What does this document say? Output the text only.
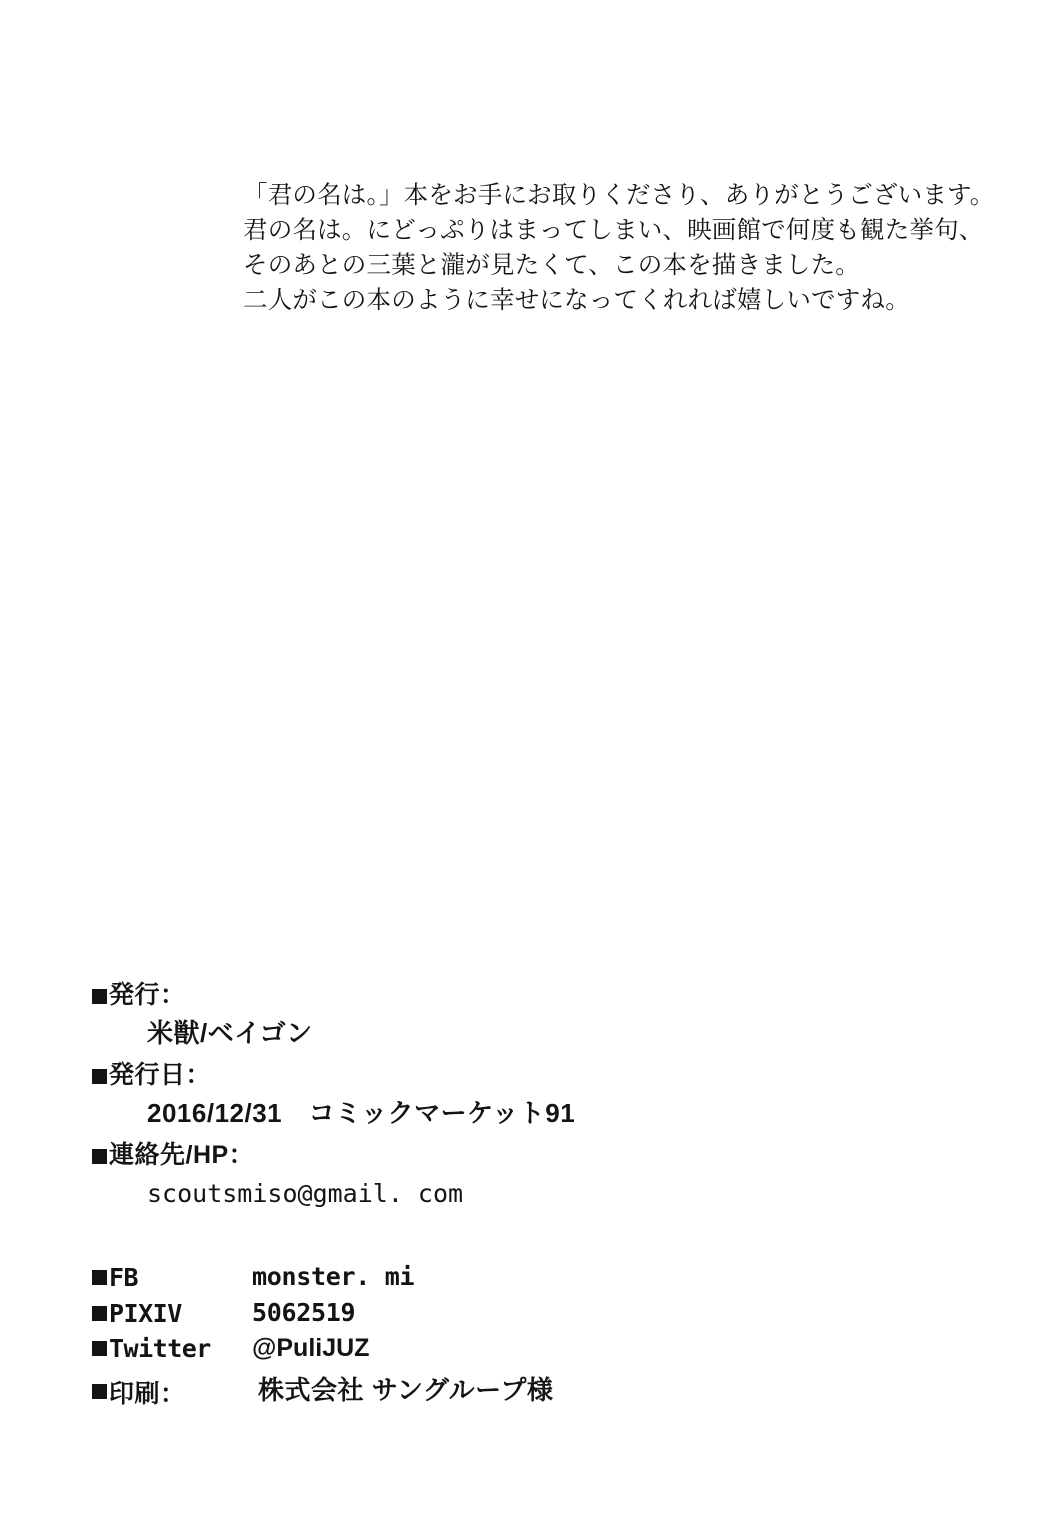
「君の名は。」本をお手にお取りくださり、ありがとうございます。
君の名は。にどっぷりはまってしまい、映画館で何度も観た挙句、
そのあとの三葉と瀧が見たくて、この本を描きました。
二人がこの本のように幸せになってくれれば嬉しいですね。
発行：
米獣/ベイゴン
発行日：
2016/12/31　コミックマーケット91
連絡先/HP：
scoutsmiso@gmail. com
FB	monster. mi
PIXIV	5062519
Twitter @PuliJUZ
印刷：	株式会社 サングループ様
